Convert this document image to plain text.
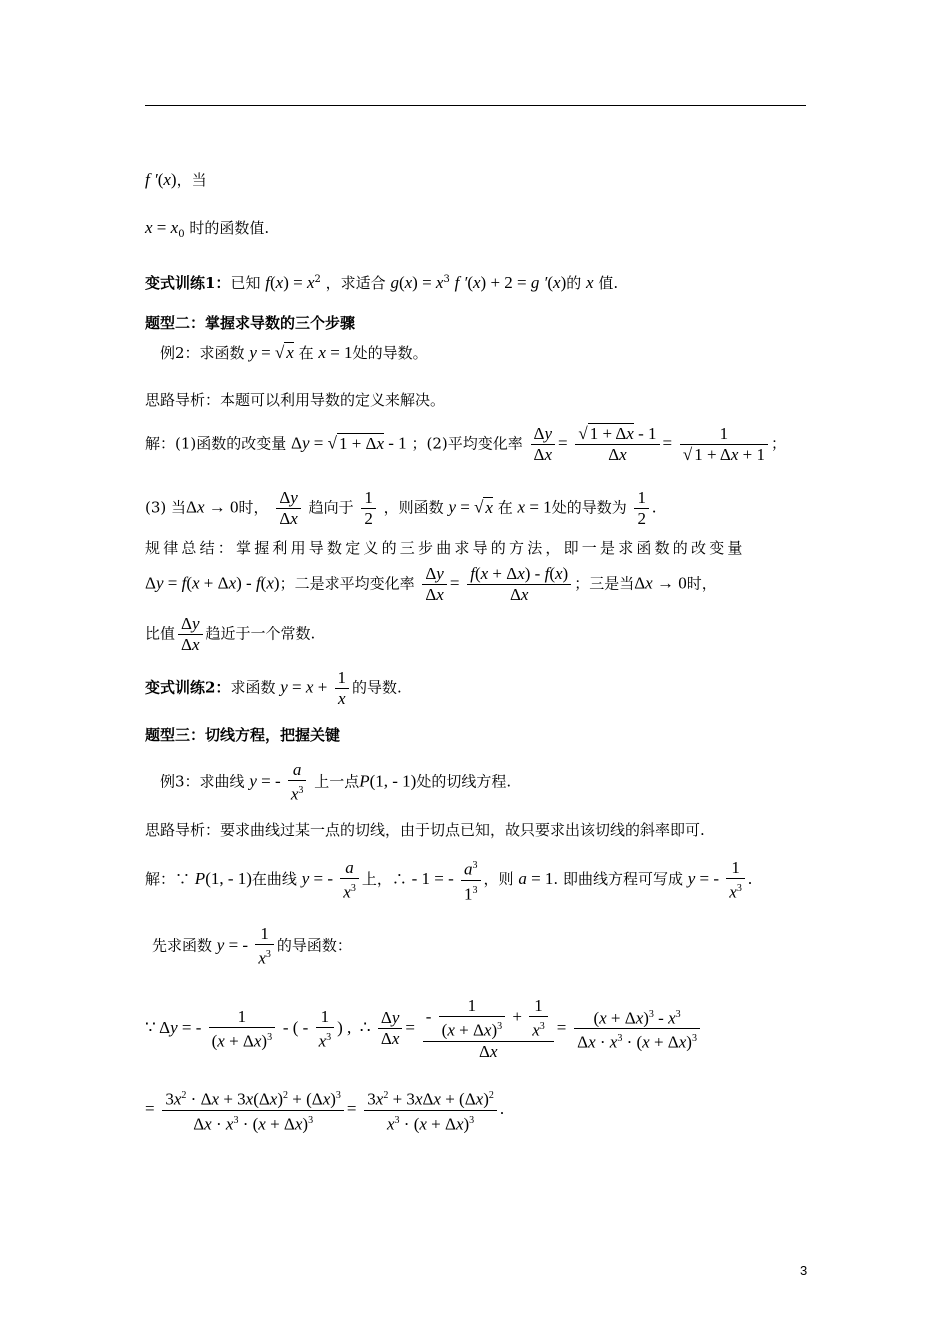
f ′(x)，当
$x = x_0$ 时的函数值.
变式训练1：已知 $f(x) = x^2$ ，求适合 $g(x) = x^3$ f ′(x) + 2 = g ′(x)的 x 值.
题型二：掌握求导数的三个步骤
例2：求函数 y = √ x 在 x = 1处的导数。
思路导析：本题可以利用导数的定义来解决。
解：(1)函数的改变量 Δy = √ 1 + Δx - 1 ；(2)平均变化率 $\frac{\Delta y}{\Delta x} = \frac{√ 1 + \Delta x - 1}{\Delta x} = \frac{1}{√ 1 + \Delta x + 1}$ ；
(3) 当Δx → 0时， $\frac{\Delta y}{\Delta x}$ 趋向于 $\frac{1}{2}$ ，则函数 y = √ x 在 x = 1处的导数为 $\frac{1}{2}$ .
规律总结：掌握利用导数定义的三步曲求导的方法，即一是求函数的改变量
Δy = f(x + Δx) - f(x)；二是求平均变化率 $\frac{\Delta y}{\Delta x} = \frac{f(x + \Delta x) - f(x)}{\Delta x}$ ；三是当Δx → 0时，
比值 $\frac{\Delta y}{\Delta x}$ 趋近于一个常数.
变式训练2：求函数 $y = x + \frac{1}{x}$ 的导数.
题型三：切线方程，把握关键
例3：求曲线 y = - $\frac{a}{x^3}$ 上一点P(1, - 1)处的切线方程.
思路导析：要求曲线过某一点的切线，由于切点已知，故只要求出该切线的斜率即可.
解：∵ P(1, - 1)在曲线 y = - $\frac{a}{x^3}$ 上，∴ - 1 = - $\frac{a^3}{1^3}$ ，则 a = 1. 即曲线方程可写成 y = - $\frac{1}{x^3}$ .
先求函数 y = - $\frac{1}{x^3}$ 的导函数：
∵ Δy = - $\frac{1}{(x + \Delta x)^3}$ - ( - $\frac{1}{x^3}$ ) ,  ∴ $\frac{\Delta y}{\Delta x} = \frac{- \frac{1}{(x + \Delta x)^3} + \frac{1}{x^3}}{\Delta x} = \frac{(x + \Delta x)^3 - x^3}{\Delta x \cdot x^3 \cdot (x + \Delta x)^3}$
= $\frac{3x^2 \cdot \Delta x + 3x(\Delta x)^2 + (\Delta x)^3}{\Delta x \cdot x^3 \cdot (x + \Delta x)^3} = \frac{3x^2 + 3x\Delta x + (\Delta x)^2}{x^3 \cdot (x + \Delta x)^3}$ .
3
